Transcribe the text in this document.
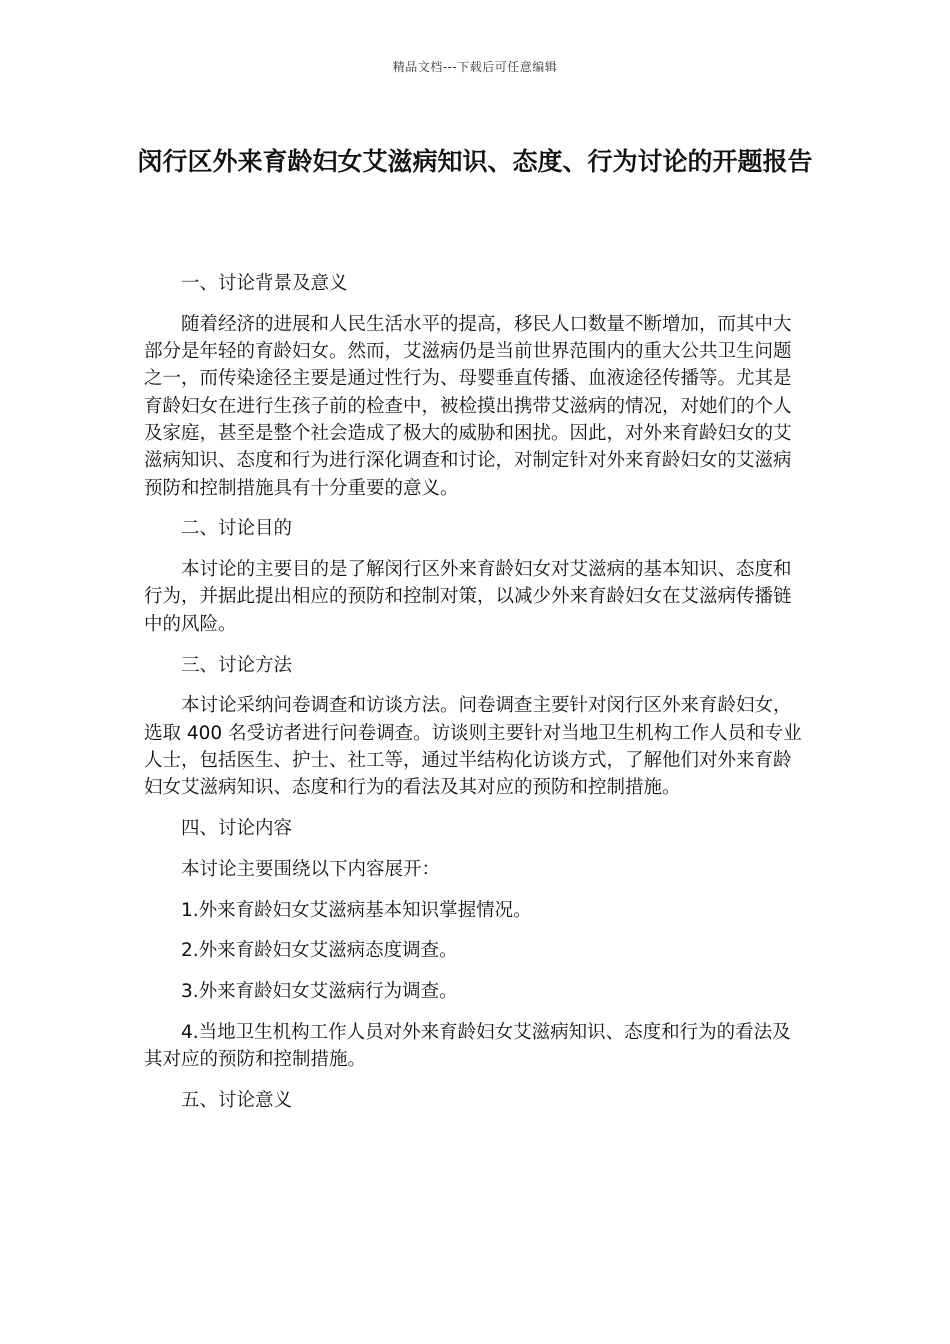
精品文档---下载后可任意编辑
闵行区外来育龄妇女艾滋病知识、态度、行为讨论的开题报告

一、讨论背景及意义

随着经济的进展和人民生活水平的提高，移民人口数量不断增加，而其中大部分是年轻的育龄妇女。然而，艾滋病仍是当前世界范围内的重大公共卫生问题之一，而传染途径主要是通过性行为、母婴垂直传播、血液途径传播等。尤其是育龄妇女在进行生孩子前的检查中，被检摸出携带艾滋病的情况，对她们的个人及家庭，甚至是整个社会造成了极大的威胁和困扰。因此，对外来育龄妇女的艾滋病知识、态度和行为进行深化调查和讨论，对制定针对外来育龄妇女的艾滋病预防和控制措施具有十分重要的意义。

二、讨论目的

本讨论的主要目的是了解闵行区外来育龄妇女对艾滋病的基本知识、态度和行为，并据此提出相应的预防和控制对策，以减少外来育龄妇女在艾滋病传播链中的风险。

三、讨论方法

本讨论采纳问卷调查和访谈方法。问卷调查主要针对闵行区外来育龄妇女，选取 400 名受访者进行问卷调查。访谈则主要针对当地卫生机构工作人员和专业人士，包括医生、护士、社工等，通过半结构化访谈方式，了解他们对外来育龄妇女艾滋病知识、态度和行为的看法及其对应的预防和控制措施。

四、讨论内容

本讨论主要围绕以下内容展开：

1.外来育龄妇女艾滋病基本知识掌握情况。

2.外来育龄妇女艾滋病态度调查。

3.外来育龄妇女艾滋病行为调查。

4.当地卫生机构工作人员对外来育龄妇女艾滋病知识、态度和行为的看法及其对应的预防和控制措施。

五、讨论意义
